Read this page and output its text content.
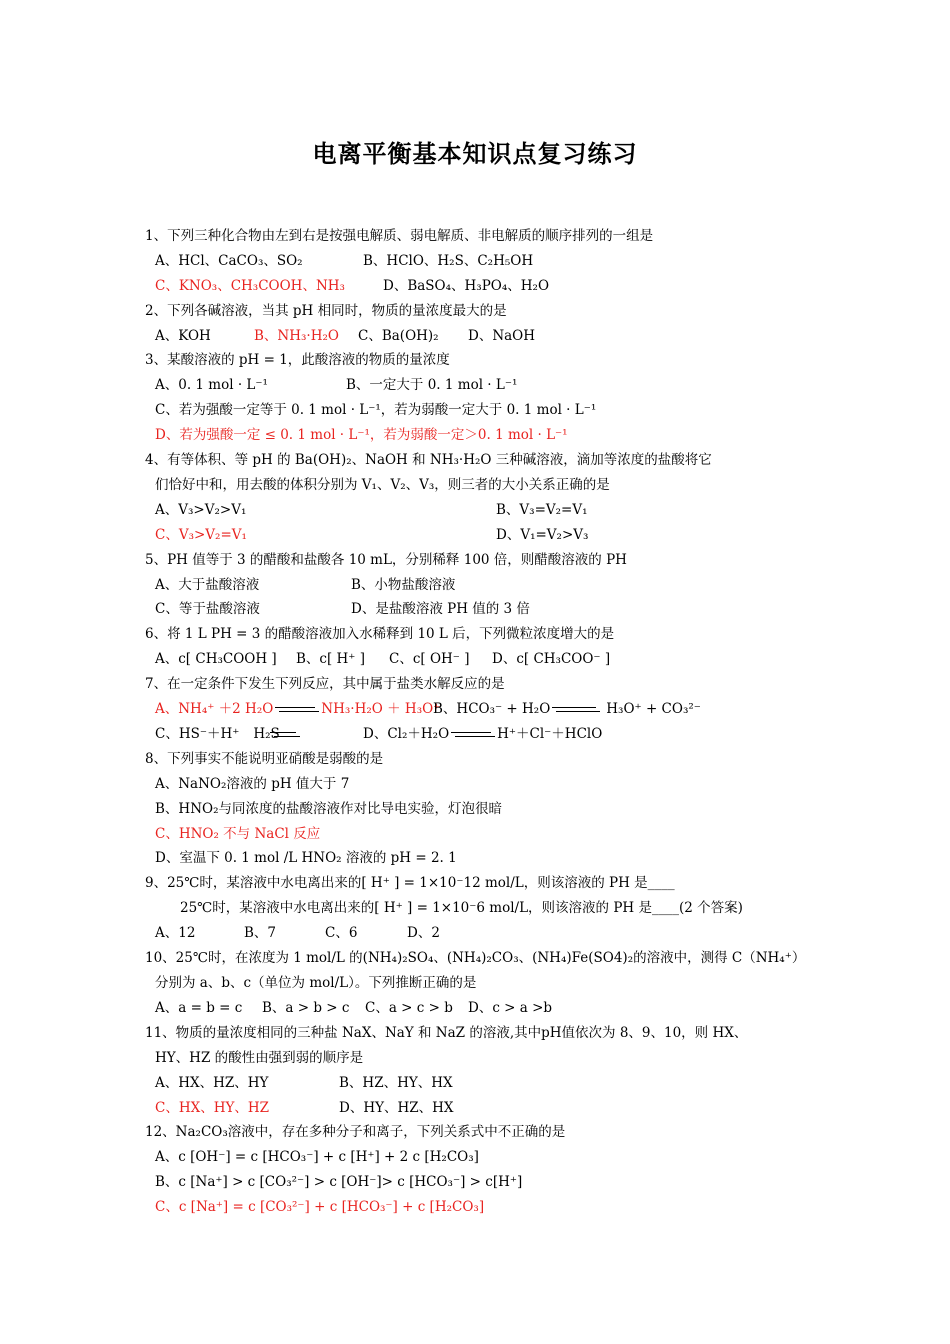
电离平衡基本知识点复习练习
1、下列三种化合物由左到右是按强电解质、弱电解质、非电解质的顺序排列的一组是
A、HCl、CaCO₃、SO₂	B、HClO、H₂S、C₂H₅OH
C、KNO₃、CH₃COOH、NH₃	D、BaSO₄、H₃PO₄、H₂O
2、下列各碱溶液，当其 pH 相同时，物质的量浓度最大的是
A、KOH	B、NH₃·H₂O C、Ba(OH)₂ D、NaOH
3、某酸溶液的 pH = 1，此酸溶液的物质的量浓度
A、0. 1 mol · L⁻¹	B、一定大于 0. 1 mol · L⁻¹
C、若为强酸一定等于 0. 1 mol · L⁻¹，若为弱酸一定大于 0. 1 mol · L⁻¹
D、若为强酸一定 ≤ 0. 1 mol · L⁻¹，若为弱酸一定＞0. 1 mol · L⁻¹
4、有等体积、等 pH 的 Ba(OH)₂、NaOH 和 NH₃·H₂O 三种碱溶液，滴加等浓度的盐酸将它
们恰好中和，用去酸的体积分别为 V₁、V₂、V₃，则三者的大小关系正确的是
A、V₃>V₂>V₁	B、V₃=V₂=V₁
C、V₃>V₂=V₁	D、V₁=V₂>V₃
5、PH 值等于 3 的醋酸和盐酸各 10 mL，分别稀释 100 倍，则醋酸溶液的 PH
A、大于盐酸溶液	B、小物盐酸溶液
C、等于盐酸溶液	D、是盐酸溶液 PH 值的 3 倍
6、将 1 L PH = 3 的醋酸溶液加入水稀释到 10 L 后，下列微粒浓度增大的是
A、c[ CH₃COOH ] B、c[ H⁺ ] C、c[ OH⁻ ] D、c[ CH₃COO⁻ ]
7、在一定条件下发生下列反应，其中属于盐类水解反应的是
A、NH₄⁺ ＋2 H₂O	NH₃·H₂O ＋ H₃O⁺
B、HCO₃⁻ + H₂O	H₃O⁺ + CO₃²⁻
C、HS⁻＋H⁺ H₂S	D、Cl₂＋H₂O	H⁺＋Cl⁻＋HClO
8、下列事实不能说明亚硝酸是弱酸的是
A、NaNO₂溶液的 pH 值大于 7
B、HNO₂与同浓度的盐酸溶液作对比导电实验，灯泡很暗
C、HNO₂ 不与 NaCl 反应
D、室温下 0. 1 mol /L HNO₂ 溶液的 pH = 2. 1
9、25℃时，某溶液中水电离出来的[ H⁺ ] = 1×10⁻12 mol/L，则该溶液的 PH 是____
25℃时，某溶液中水电离出来的[ H⁺ ] = 1×10⁻6 mol/L，则该溶液的 PH 是____(2 个答案)
A、12	B、7	C、6	D、2
10、25℃时，在浓度为 1 mol/L 的(NH₄)₂SO₄、(NH₄)₂CO₃、(NH₄)Fe(SO4)₂的溶液中，测得 C（NH₄⁺）
分别为 a、b、c（单位为 mol/L）。下列推断正确的是
A、a = b = c B、a > b > c C、a > c > b D、c > a >b
11、物质的量浓度相同的三种盐 NaX、NaY 和 NaZ 的溶液,其中pH值依次为 8、9、10，则 HX、
HY、HZ 的酸性由强到弱的顺序是
A、HX、HZ、HY	B、HZ、HY、HX
C、HX、HY、HZ	D、HY、HZ、HX
12、Na₂CO₃溶液中，存在多种分子和离子，下列关系式中不正确的是
A、c [OH⁻] = c [HCO₃⁻] + c [H⁺] + 2 c [H₂CO₃]
B、c [Na⁺] > c [CO₃²⁻] > c [OH⁻]> c [HCO₃⁻] > c[H⁺]
C、c [Na⁺] = c [CO₃²⁻] + c [HCO₃⁻] + c [H₂CO₃]
